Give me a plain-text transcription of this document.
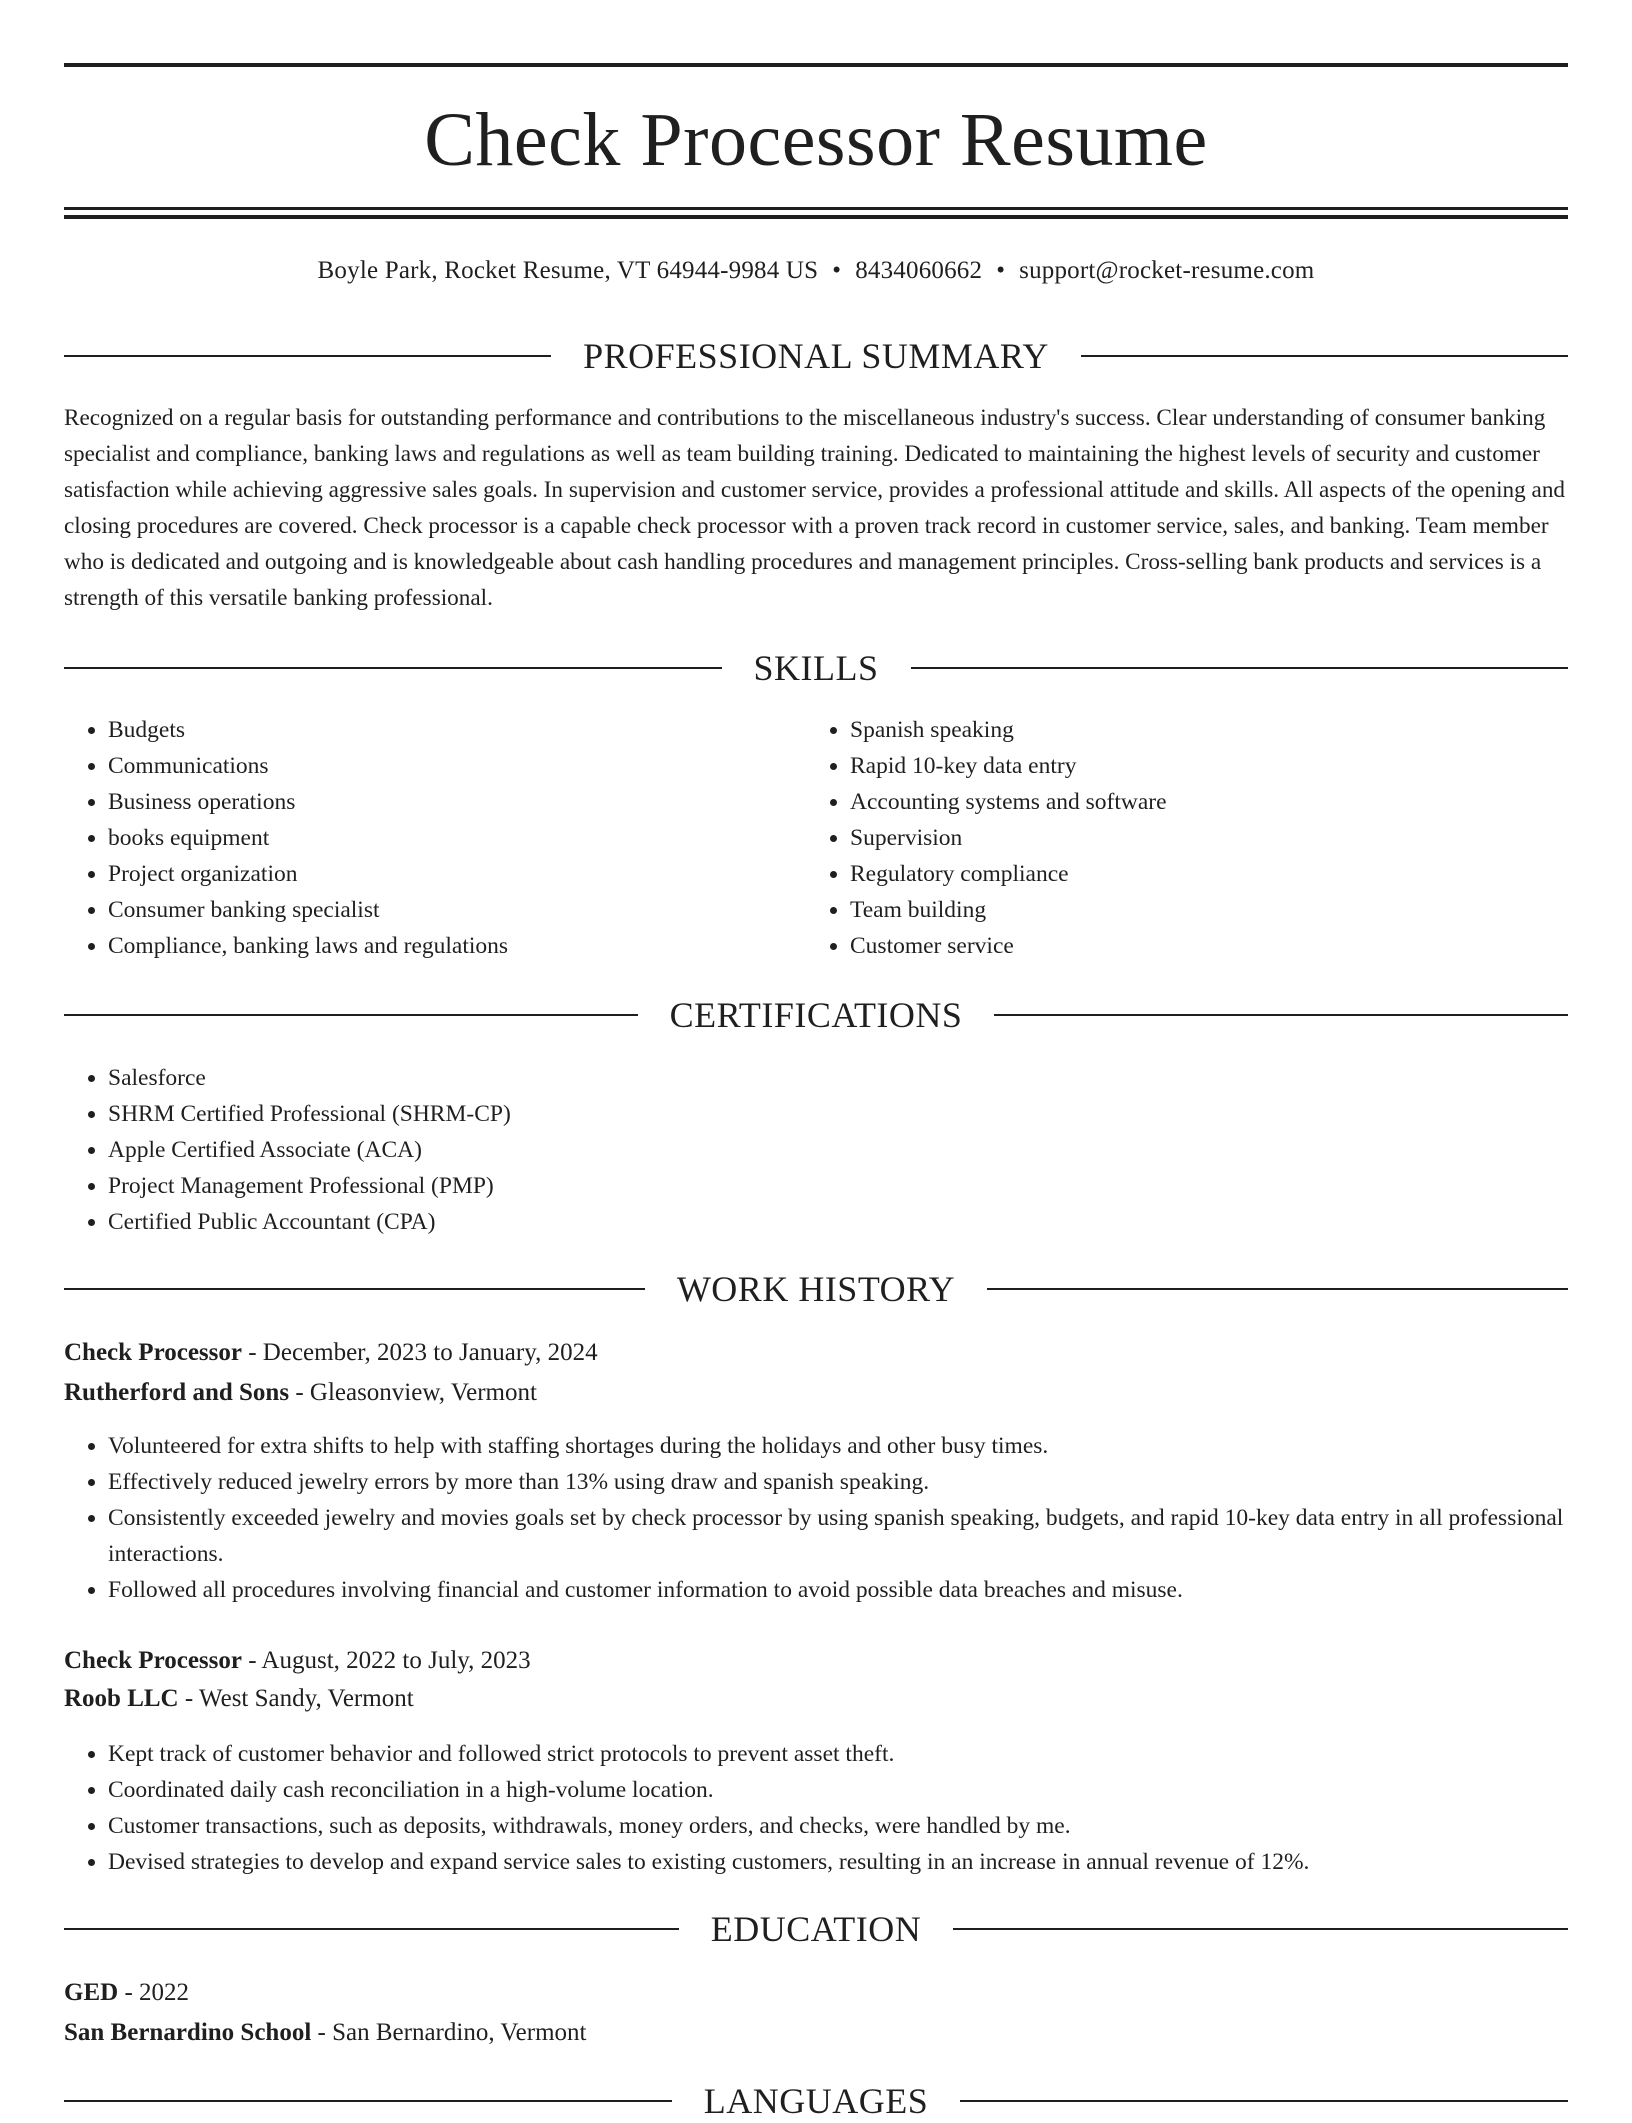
Check Processor Resume
Boyle Park, Rocket Resume, VT 64944-9984 US • 8434060662 • support@rocket-resume.com
PROFESSIONAL SUMMARY

Recognized on a regular basis for outstanding performance and contributions to the miscellaneous industry's success. Clear understanding of consumer banking specialist and compliance, banking laws and regulations as well as team building training. Dedicated to maintaining the highest levels of security and customer satisfaction while achieving aggressive sales goals. In supervision and customer service, provides a professional attitude and skills. All aspects of the opening and closing procedures are covered. Check processor is a capable check processor with a proven track record in customer service, sales, and banking. Team member who is dedicated and outgoing and is knowledgeable about cash handling procedures and management principles. Cross-selling bank products and services is a strength of this versatile banking professional.

SKILLS
• Budgets
• Communications
• Business operations
• books equipment
• Project organization
• Consumer banking specialist
• Compliance, banking laws and regulations
• Spanish speaking
• Rapid 10-key data entry
• Accounting systems and software
• Supervision
• Regulatory compliance
• Team building
• Customer service
CERTIFICATIONS
• Salesforce
• SHRM Certified Professional (SHRM-CP)
• Apple Certified Associate (ACA)
• Project Management Professional (PMP)
• Certified Public Accountant (CPA)
WORK HISTORY
Check Processor - December, 2023 to January, 2024
Rutherford and Sons - Gleasonview, Vermont
• Volunteered for extra shifts to help with staffing shortages during the holidays and other busy times.
• Effectively reduced jewelry errors by more than 13% using draw and spanish speaking.
• Consistently exceeded jewelry and movies goals set by check processor by using spanish speaking, budgets, and rapid 10-key data entry in all professional interactions.
• Followed all procedures involving financial and customer information to avoid possible data breaches and misuse.
Check Processor - August, 2022 to July, 2023
Roob LLC - West Sandy, Vermont
• Kept track of customer behavior and followed strict protocols to prevent asset theft.
• Coordinated daily cash reconciliation in a high-volume location.
• Customer transactions, such as deposits, withdrawals, money orders, and checks, were handled by me.
• Devised strategies to develop and expand service sales to existing customers, resulting in an increase in annual revenue of 12%.
EDUCATION
GED - 2022
San Bernardino School - San Bernardino, Vermont
LANGUAGES
